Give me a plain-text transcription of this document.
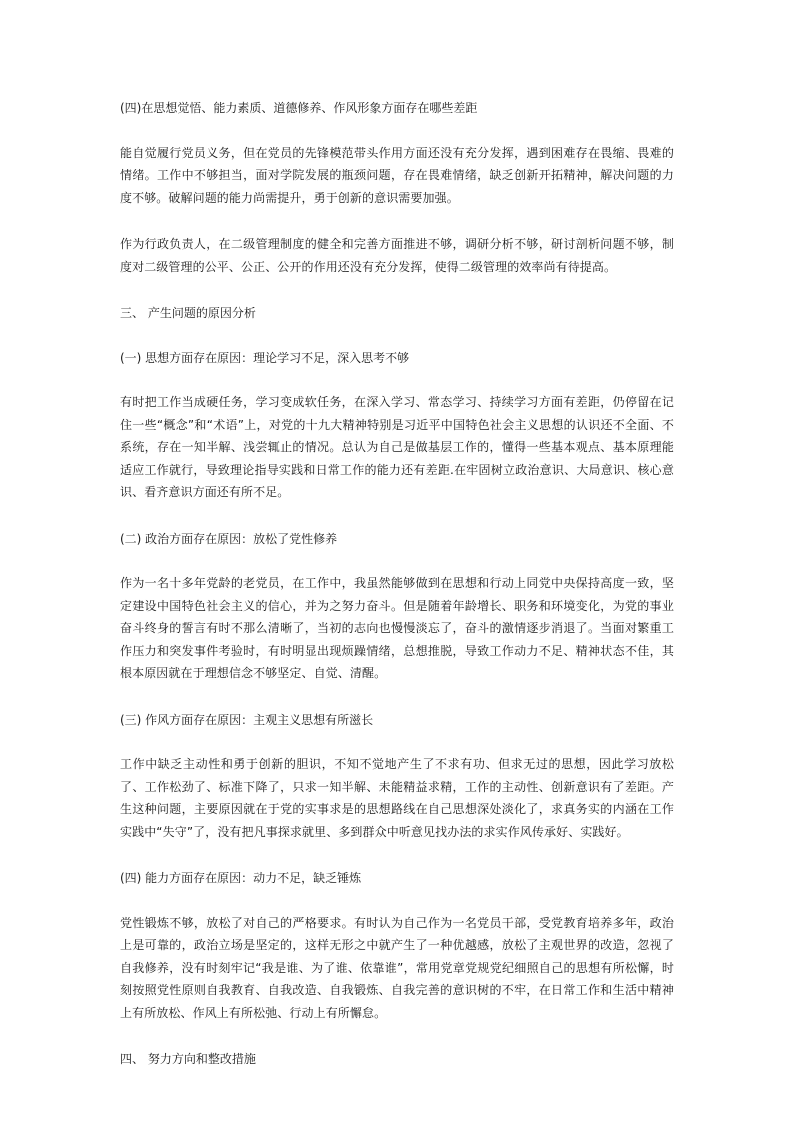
(四)在思想觉悟、能力素质、道德修养、作风形象方面存在哪些差距

能自觉履行党员义务，但在党员的先锋模范带头作用方面还没有充分发挥，遇到困难存在畏缩、畏难的情绪。工作中不够担当，面对学院发展的瓶颈问题，存在畏难情绪，缺乏创新开拓精神，解决问题的力度不够。破解问题的能力尚需提升，勇于创新的意识需要加强。

作为行政负责人，在二级管理制度的健全和完善方面推进不够，调研分析不够，研讨剖析问题不够，制度对二级管理的公平、公正、公开的作用还没有充分发挥，使得二级管理的效率尚有待提高。

三、 产生问题的原因分析

(一) 思想方面存在原因：理论学习不足，深入思考不够

有时把工作当成硬任务，学习变成软任务，在深入学习、常态学习、持续学习方面有差距，仍停留在记住一些“概念”和“术语”上，对党的十九大精神特别是习近平中国特色社会主义思想的认识还不全面、不系统，存在一知半解、浅尝辄止的情况。总认为自己是做基层工作的，懂得一些基本观点、基本原理能适应工作就行，导致理论指导实践和日常工作的能力还有差距.在牢固树立政治意识、大局意识、核心意识、看齐意识方面还有所不足。

(二) 政治方面存在原因：放松了党性修养

作为一名十多年党龄的老党员，在工作中，我虽然能够做到在思想和行动上同党中央保持高度一致，坚定建设中国特色社会主义的信心，并为之努力奋斗。但是随着年龄增长、职务和环境变化，为党的事业奋斗终身的誓言有时不那么清晰了，当初的志向也慢慢淡忘了，奋斗的激情逐步消退了。当面对繁重工作压力和突发事件考验时，有时明显出现烦躁情绪，总想推脱，导致工作动力不足、精神状态不佳，其根本原因就在于理想信念不够坚定、自觉、清醒。

(三) 作风方面存在原因：主观主义思想有所滋长

工作中缺乏主动性和勇于创新的胆识，不知不觉地产生了不求有功、但求无过的思想，因此学习放松了、工作松劲了、标准下降了，只求一知半解、未能精益求精，工作的主动性、创新意识有了差距。产生这种问题，主要原因就在于党的实事求是的思想路线在自己思想深处淡化了，求真务实的内涵在工作实践中“失守”了，没有把凡事探求就里、多到群众中听意见找办法的求实作风传承好、实践好。

(四) 能力方面存在原因：动力不足，缺乏锤炼

党性锻炼不够，放松了对自己的严格要求。有时认为自己作为一名党员干部，受党教育培养多年，政治上是可靠的，政治立场是坚定的，这样无形之中就产生了一种优越感，放松了主观世界的改造，忽视了自我修养，没有时刻牢记“我是谁、为了谁、依靠谁”，常用党章党规党纪细照自己的思想有所松懈，时刻按照党性原则自我教育、自我改造、自我锻炼、自我完善的意识树的不牢，在日常工作和生活中精神上有所放松、作风上有所松弛、行动上有所懈怠。

四、 努力方向和整改措施
